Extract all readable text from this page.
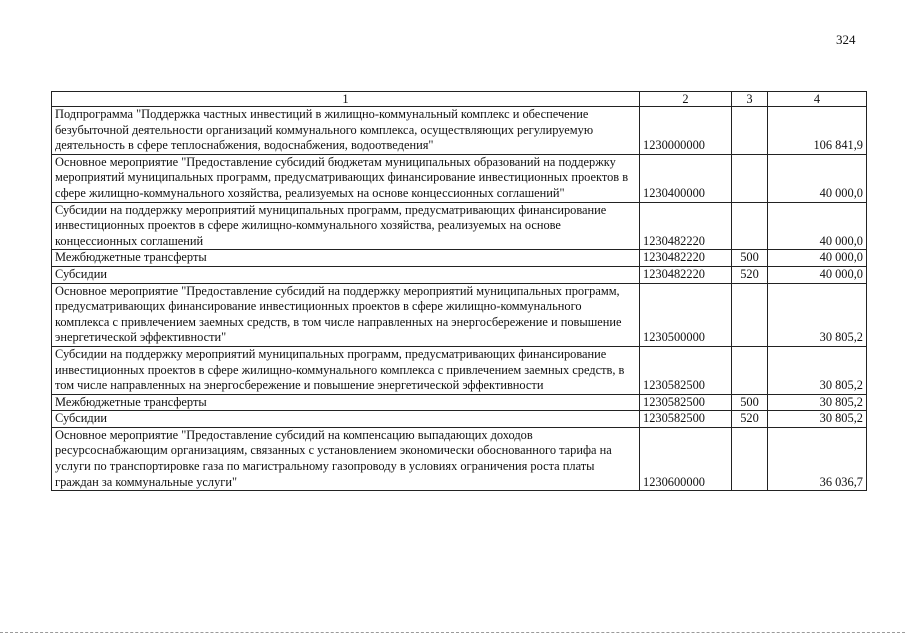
324
1	2	3	4
Подпрограмма "Поддержка частных инвестиций в жилищно-коммунальный комплекс и обеспечение безубыточной деятельности организаций коммунального комплекса, осуществляющих регулируемую деятельность в сфере теплоснабжения, водоснабжения, водоотведения"	1230000000		106 841,9
Основное мероприятие "Предоставление субсидий бюджетам муниципальных образований на поддержку мероприятий муниципальных программ, предусматривающих финансирование инвестиционных проектов в сфере жилищно-коммунального хозяйства, реализуемых на основе концессионных соглашений"	1230400000		40 000,0
Субсидии на поддержку мероприятий муниципальных программ, предусматривающих финансирование инвестиционных проектов в сфере жилищно-коммунального хозяйства, реализуемых на основе концессионных соглашений	1230482220		40 000,0
Межбюджетные трансферты	1230482220	500	40 000,0
Субсидии	1230482220	520	40 000,0
Основное мероприятие "Предоставление субсидий на поддержку мероприятий муниципальных программ, предусматривающих финансирование инвестиционных проектов в сфере жилищно-коммунального комплекса с привлечением заемных средств, в том числе направленных на энергосбережение и повышение энергетической эффективности"	1230500000		30 805,2
Субсидии на поддержку мероприятий муниципальных программ, предусматривающих финансирование инвестиционных проектов в сфере жилищно-коммунального комплекса с привлечением заемных средств, в том числе направленных на энергосбережение и повышение энергетической эффективности	1230582500		30 805,2
Межбюджетные трансферты	1230582500	500	30 805,2
Субсидии	1230582500	520	30 805,2
Основное мероприятие "Предоставление субсидий на компенсацию выпадающих доходов ресурсоснабжающим организациям, связанных с установлением экономически обоснованного тарифа на услуги по транспортировке газа по магистральному газопроводу в условиях ограничения роста платы граждан за коммунальные услуги"	1230600000		36 036,7
